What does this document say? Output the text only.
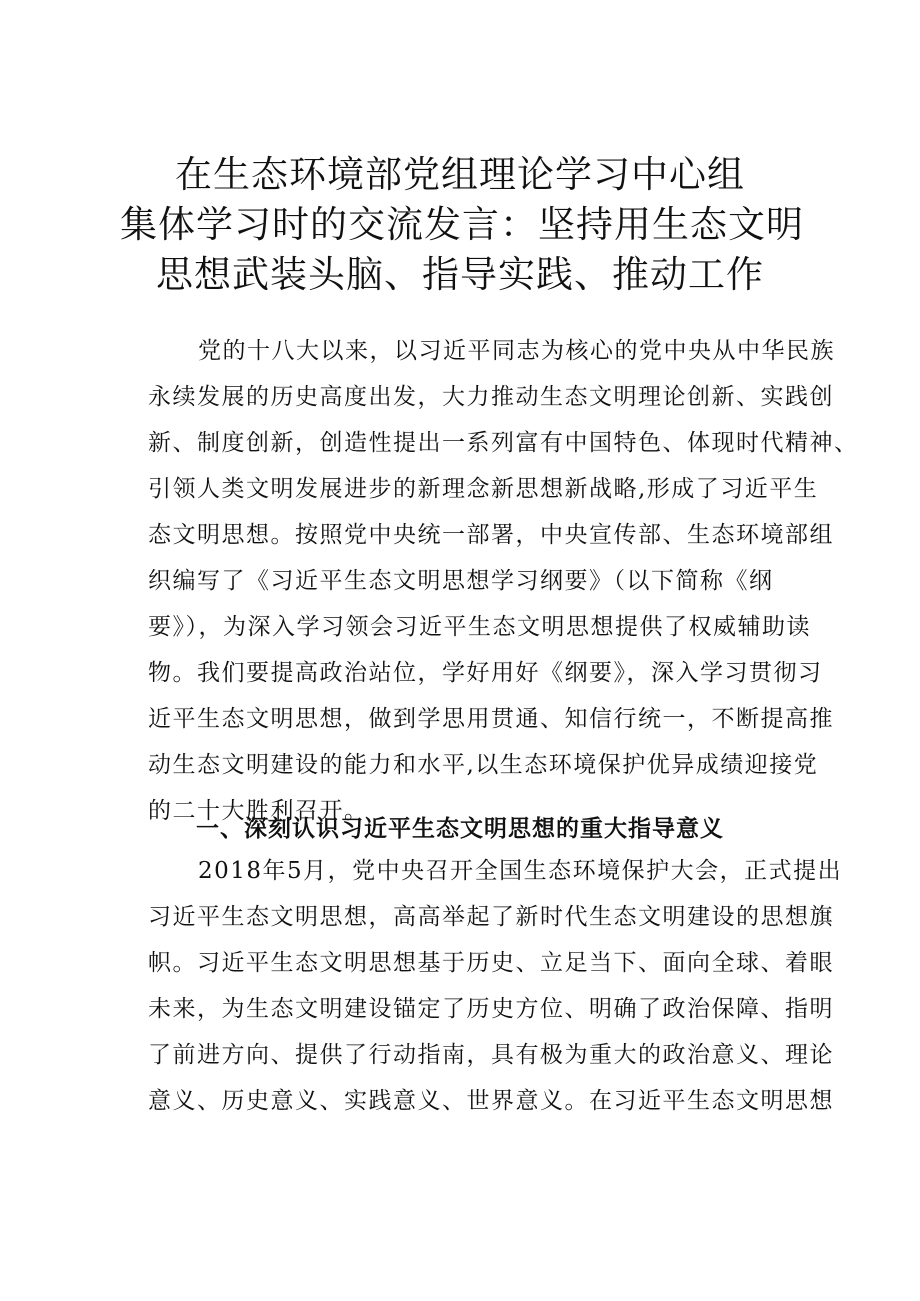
在生态环境部党组理论学习中心组
集体学习时的交流发言：坚持用生态文明
思想武装头脑、指导实践、推动工作

党的十八大以来，以习近平同志为核心的党中央从中华民族
永续发展的历史高度出发，大力推动生态文明理论创新、实践创
新、制度创新，创造性提出一系列富有中国特色、体现时代精神、
引领人类文明发展进步的新理念新思想新战略,形成了习近平生
态文明思想。按照党中央统一部署，中央宣传部、生态环境部组
织编写了《习近平生态文明思想学习纲要》（以下简称《纲
要》），为深入学习领会习近平生态文明思想提供了权威辅助读
物。我们要提高政治站位，学好用好《纲要》，深入学习贯彻习
近平生态文明思想，做到学思用贯通、知信行统一，不断提高推
动生态文明建设的能力和水平,以生态环境保护优异成绩迎接党
的二十大胜利召开。

一、深刻认识习近平生态文明思想的重大指导意义

2018年5月，党中央召开全国生态环境保护大会，正式提出
习近平生态文明思想，高高举起了新时代生态文明建设的思想旗
帜。习近平生态文明思想基于历史、立足当下、面向全球、着眼
未来，为生态文明建设锚定了历史方位、明确了政治保障、指明
了前进方向、提供了行动指南，具有极为重大的政治意义、理论
意义、历史意义、实践意义、世界意义。在习近平生态文明思想
